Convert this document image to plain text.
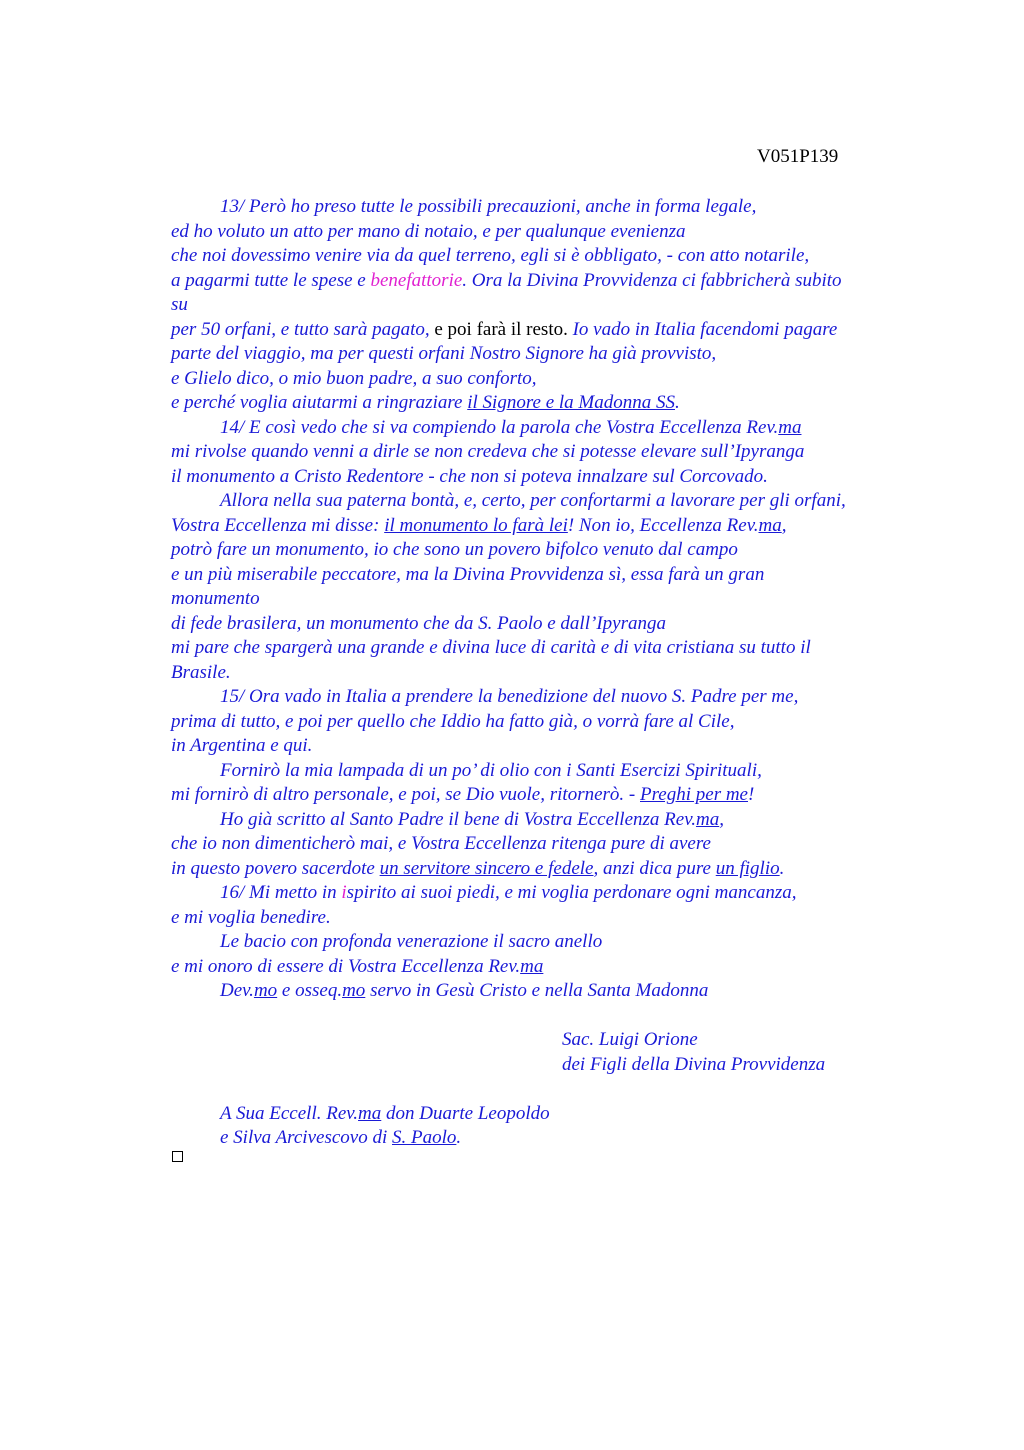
V051P139
13/ Però ho preso tutte le possibili precauzioni, anche in forma legale,
ed ho voluto un atto per mano di notaio, e per qualunque evenienza
che noi dovessimo venire via da quel terreno, egli si è obbligato, - con atto notarile,
a pagarmi tutte le spese e benefattorie. Ora la Divina Provvidenza ci fabbricherà subito
su
per 50 orfani, e tutto sarà pagato, e poi farà il resto. Io vado in Italia facendomi pagare
parte del viaggio, ma per questi orfani Nostro Signore ha già provvisto,
e Glielo dico, o mio buon padre, a suo conforto,
e perché voglia aiutarmi a ringraziare il Signore e la Madonna SS.
14/ E così vedo che si va compiendo la parola che Vostra Eccellenza Rev.ma
mi rivolse quando venni a dirle se non credeva che si potesse elevare sull’Ipyranga
il monumento a Cristo Redentore - che non si poteva innalzare sul Corcovado.
Allora nella sua paterna bontà, e, certo, per confortarmi a lavorare per gli orfani,
Vostra Eccellenza mi disse: il monumento lo farà lei! Non io, Eccellenza Rev.ma,
potrò fare un monumento, io che sono un povero bifolco venuto dal campo
e un più miserabile peccatore, ma la Divina Provvidenza sì, essa farà un gran
monumento
di fede brasilera, un monumento che da S. Paolo e dall’Ipyranga
mi pare che spargerà una grande e divina luce di carità e di vita cristiana su tutto il
Brasile.
15/ Ora vado in Italia a prendere la benedizione del nuovo S. Padre per me,
prima di tutto, e poi per quello che Iddio ha fatto già, o vorrà fare al Cile,
in Argentina e qui.
Fornirò la mia lampada di un po’ di olio con i Santi Esercizi Spirituali,
mi fornirò di altro personale, e poi, se Dio vuole, ritornerò. - Preghi per me!
Ho già scritto al Santo Padre il bene di Vostra Eccellenza Rev.ma,
che io non dimenticherò mai, e Vostra Eccellenza ritenga pure di avere
in questo povero sacerdote un servitore sincero e fedele, anzi dica pure un figlio.
16/ Mi metto in ispirito ai suoi piedi, e mi voglia perdonare ogni mancanza,
e mi voglia benedire.
Le bacio con profonda venerazione il sacro anello
e mi onoro di essere di Vostra Eccellenza Rev.ma
Dev.mo e osseq.mo servo in Gesù Cristo e nella Santa Madonna
Sac. Luigi Orione
dei Figli della Divina Provvidenza
A Sua Eccell. Rev.ma don Duarte Leopoldo
e Silva Arcivescovo di S. Paolo.
